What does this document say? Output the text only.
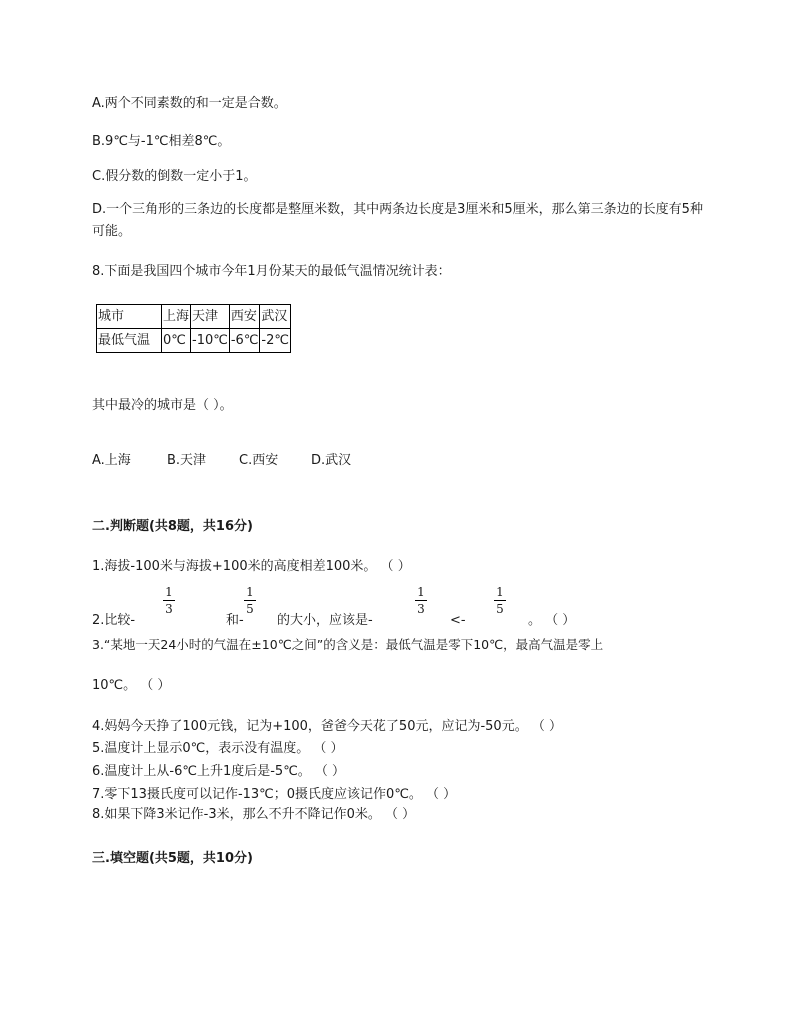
A.两个不同素数的和一定是合数。
B.9℃与-1℃相差8℃。
C.假分数的倒数一定小于1。
D.一个三角形的三条边的长度都是整厘米数，其中两条边长度是3厘米和5厘米，那么第三条边的长度有5种可能。
8.下面是我国四个城市今年1月份某天的最低气温情况统计表：
城市	上海	天津	西安	武汉
最低气温	0℃	-10℃	-6℃	-2℃
其中最冷的城市是（ ）。
A.上海	B.天津	C.西安	D.武汉
二.判断题(共8题，共16分)
1.海拔-100米与海拔+100米的高度相差100米。 （ ）
2.比较-
1
3
和-
1
5
的大小，应该是-
1
3
<-
1
5
。 （ ）
3.“某地一天24小时的气温在±10℃之间”的含义是：最低气温是零下10℃，最高气温是零上
10℃。 （ ）
4.妈妈今天挣了100元钱，记为+100，爸爸今天花了50元，应记为-50元。 （ ）
5.温度计上显示0℃，表示没有温度。 （ ）
6.温度计上从-6℃上升1度后是-5℃。 （ ）
7.零下13摄氏度可以记作-13℃；0摄氏度应该记作0℃。 （ ）
8.如果下降3米记作-3米，那么不升不降记作0米。 （ ）
三.填空题(共5题，共10分)
